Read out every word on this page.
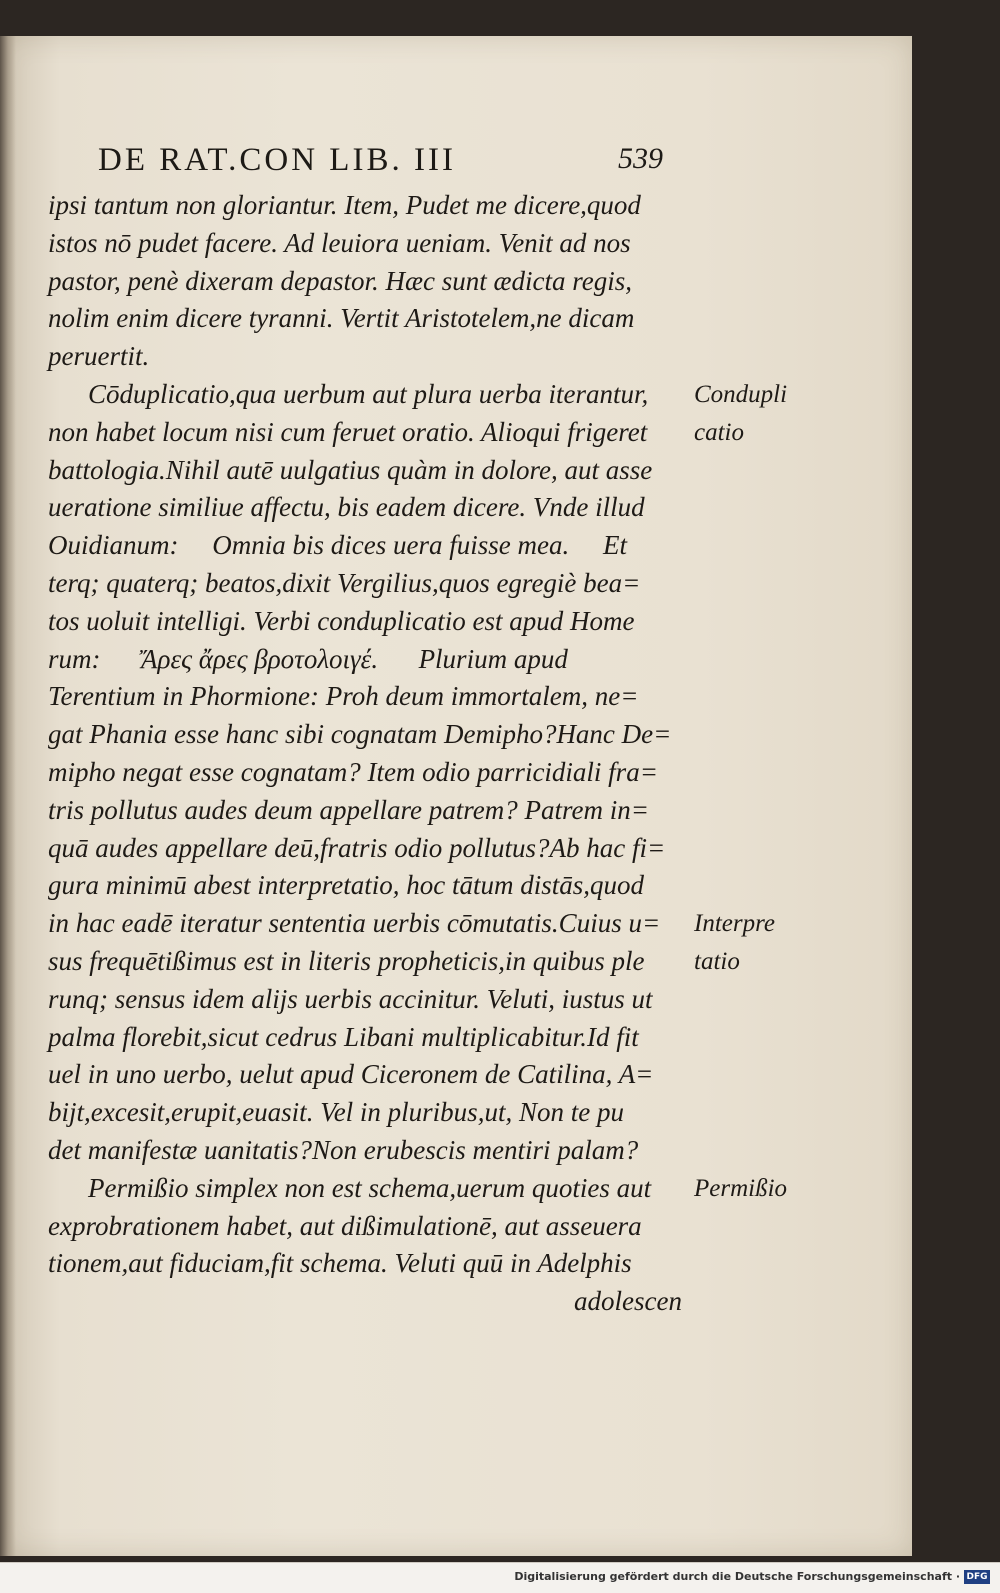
DE RAT.CON LIB. III	539
ipsi tantum non gloriantur. Item, Pudet me dicere,quod
istos nō pudet facere. Ad leuiora ueniam. Venit ad nos
pastor, penè dixeram depastor. Hæc sunt ædicta regis,
nolim enim dicere tyranni. Vertit Aristotelem,ne dicam
peruertit.
Cōduplicatio,qua uerbum aut plura uerba iterantur,
non habet locum nisi cum feruet oratio. Alioqui frigeret
battologia.Nihil autē uulgatius quàm in dolore, aut asse
ueratione similiue affectu, bis eadem dicere. Vnde illud
Ouidianum:     Omnia bis dices uera fuisse mea.     Et
terq; quaterq; beatos,dixit Vergilius,quos egregiè bea=
tos uoluit intelligi. Verbi conduplicatio est apud Home
rum:      Ἄρες ἄρες βροτολοιγέ.      Plurium apud
Terentium in Phormione: Proh deum immortalem, ne=
gat Phania esse hanc sibi cognatam Demipho?Hanc De=
mipho negat esse cognatam? Item odio parricidiali fra=
tris pollutus audes deum appellare patrem? Patrem in=
quā audes appellare deū,fratris odio pollutus?Ab hac fi=
gura minimū abest interpretatio, hoc tātum distās,quod
in hac eadē iteratur sententia uerbis cōmutatis.Cuius u=
sus frequētißimus est in literis propheticis,in quibus ple
runq; sensus idem alijs uerbis accinitur. Veluti, iustus ut
palma florebit,sicut cedrus Libani multiplicabitur.Id fit
uel in uno uerbo, uelut apud Ciceronem de Catilina, A=
bijt,excesit,erupit,euasit. Vel in pluribus,ut, Non te pu
det manifestæ uanitatis?Non erubescis mentiri palam?
Permißio simplex non est schema,uerum quoties aut
exprobrationem habet, aut dißimulationē, aut asseuera
tionem,aut fiduciam,fit schema. Veluti quū in Adelphis
adolescen
Condupli
catio
Interpre
tatio
Permißio
Digitalisierung gefördert durch die Deutsche Forschungsgemeinschaft · DFG
